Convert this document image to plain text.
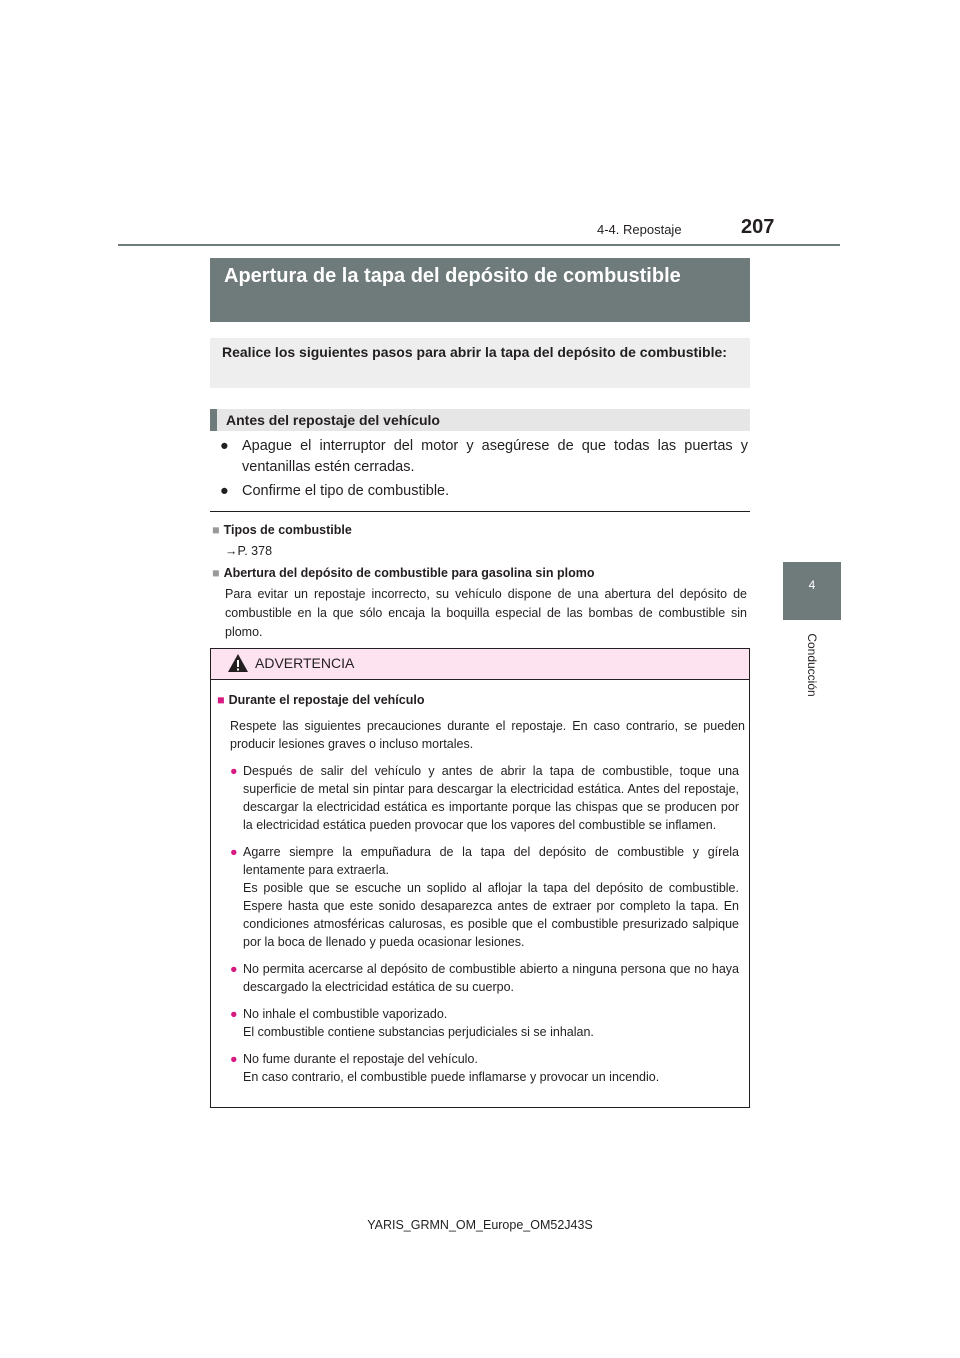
4-4. Repostaje	207
4
Conducción
Apertura de la tapa del depósito de combustible
Realice los siguientes pasos para abrir la tapa del depósito de combustible:
Antes del repostaje del vehículo
● Apague el interruptor del motor y asegúrese de que todas las puertas y ventanillas estén cerradas.
● Confirme el tipo de combustible.
■ Tipos de combustible
→P. 378
■ Abertura del depósito de combustible para gasolina sin plomo
Para evitar un repostaje incorrecto, su vehículo dispone de una abertura del depósito de combustible en la que sólo encaja la boquilla especial de las bombas de combustible sin plomo.
ADVERTENCIA
■ Durante el repostaje del vehículo
Respete las siguientes precauciones durante el repostaje. En caso contrario, se pueden producir lesiones graves o incluso mortales.
● Después de salir del vehículo y antes de abrir la tapa de combustible, toque una superficie de metal sin pintar para descargar la electricidad estática. Antes del repostaje, descargar la electricidad estática es importante porque las chispas que se producen por la electricidad estática pueden provocar que los vapores del combustible se inflamen.
● Agarre siempre la empuñadura de la tapa del depósito de combustible y gírela lentamente para extraerla.
Es posible que se escuche un soplido al aflojar la tapa del depósito de combustible. Espere hasta que este sonido desaparezca antes de extraer por completo la tapa. En condiciones atmosféricas calurosas, es posible que el combustible presurizado salpique por la boca de llenado y pueda ocasionar lesiones.
● No permita acercarse al depósito de combustible abierto a ninguna persona que no haya descargado la electricidad estática de su cuerpo.
● No inhale el combustible vaporizado.
El combustible contiene substancias perjudiciales si se inhalan.
● No fume durante el repostaje del vehículo.
En caso contrario, el combustible puede inflamarse y provocar un incendio.
YARIS_GRMN_OM_Europe_OM52J43S
